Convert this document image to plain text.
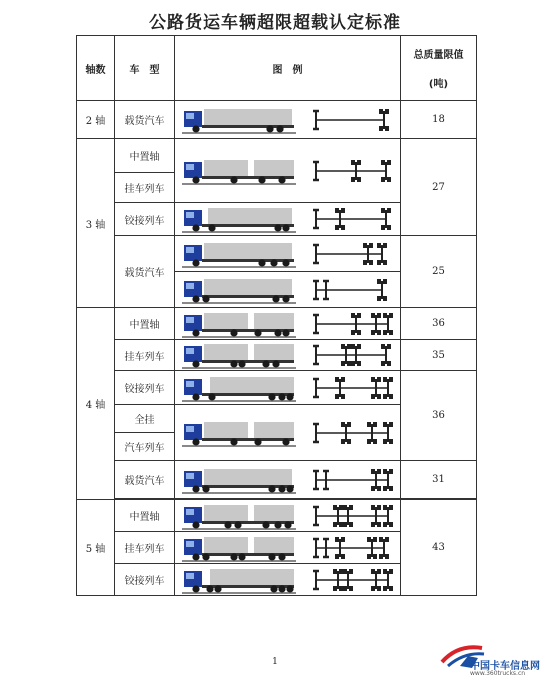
公路货运车辆超限超载认定标准
轴数	车　型	图　例	总质量限值
(吨)

2 轴	载货汽车		18
3 轴	中置轴		27
	挂车列车		
	铰接列车	
	载货汽车		25

4 轴	中置轴		36
	挂车列车		35
	铰接列车		36
	全挂	
	汽车列车		
	载货汽车		31

5 轴	中置轴		43
	挂车列车	
	铰接列车	
1	中国卡车信息网
www.360trucks.cn
